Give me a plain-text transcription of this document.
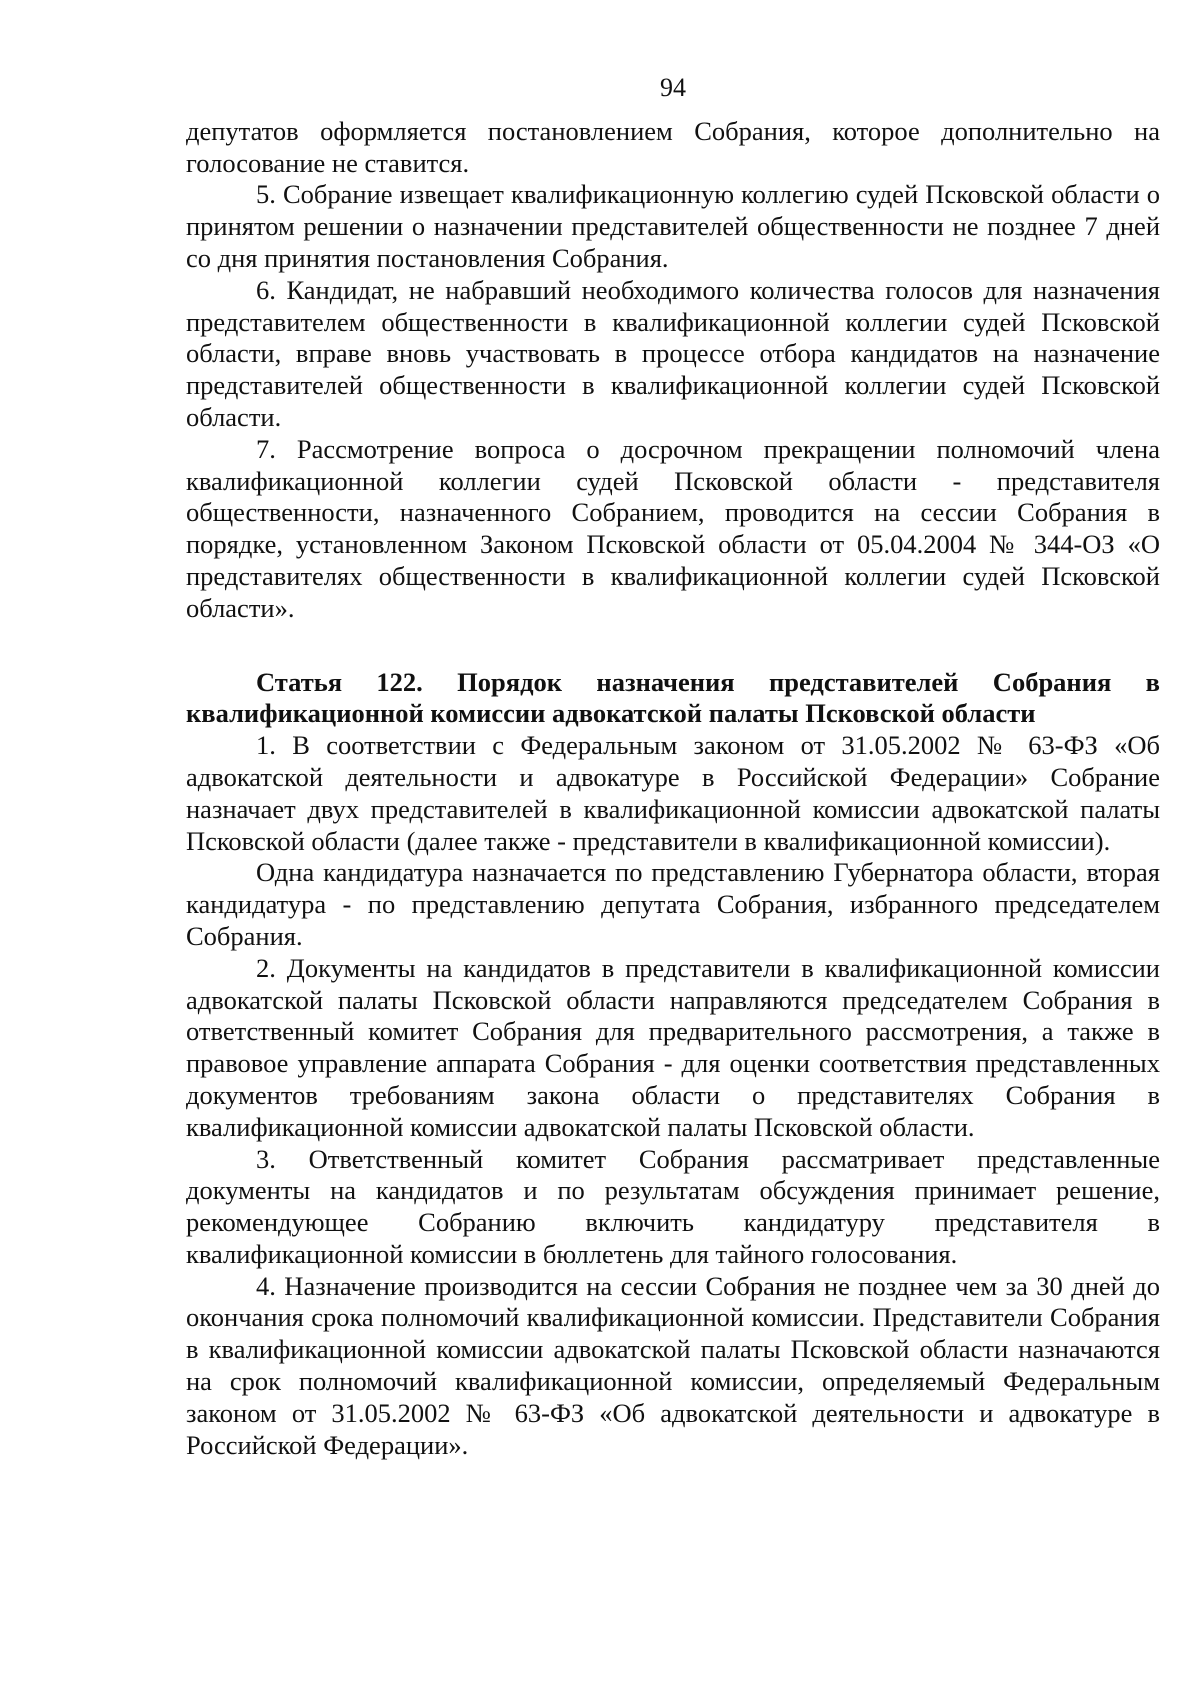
94

депутатов оформляется постановлением Собрания, которое дополнительно на голосование не ставится.

5. Собрание извещает квалификационную коллегию судей Псковской области о принятом решении о назначении представителей общественности не позднее 7 дней со дня принятия постановления Собрания.

6. Кандидат, не набравший необходимого количества голосов для назначения представителем общественности в квалификационной коллегии судей Псковской области, вправе вновь участвовать в процессе отбора кандидатов на назначение представителей общественности в квалификационной коллегии судей Псковской области.

7. Рассмотрение вопроса о досрочном прекращении полномочий члена квалификационной коллегии судей Псковской области - представителя общественности, назначенного Собранием, проводится на сессии Собрания в порядке, установленном Законом Псковской области от 05.04.2004 № 344-ОЗ «О представителях общественности в квалификационной коллегии судей Псковской области».

Статья 122. Порядок назначения представителей Собрания в квалификационной комиссии адвокатской палаты Псковской области

1. В соответствии с Федеральным законом от 31.05.2002 № 63-ФЗ «Об адвокатской деятельности и адвокатуре в Российской Федерации» Собрание назначает двух представителей в квалификационной комиссии адвокатской палаты Псковской области (далее также - представители в квалификационной комиссии).

Одна кандидатура назначается по представлению Губернатора области, вторая кандидатура - по представлению депутата Собрания, избранного председателем Собрания.

2. Документы на кандидатов в представители в квалификационной комиссии адвокатской палаты Псковской области направляются председателем Собрания в ответственный комитет Собрания для предварительного рассмотрения, а также в правовое управление аппарата Собрания - для оценки соответствия представленных документов требованиям закона области о представителях Собрания в квалификационной комиссии адвокатской палаты Псковской области.

3. Ответственный комитет Собрания рассматривает представленные документы на кандидатов и по результатам обсуждения принимает решение, рекомендующее Собранию включить кандидатуру представителя в квалификационной комиссии в бюллетень для тайного голосования.

4. Назначение производится на сессии Собрания не позднее чем за 30 дней до окончания срока полномочий квалификационной комиссии. Представители Собрания в квалификационной комиссии адвокатской палаты Псковской области назначаются на срок полномочий квалификационной комиссии, определяемый Федеральным законом от 31.05.2002 № 63-ФЗ «Об адвокатской деятельности и адвокатуре в Российской Федерации».
